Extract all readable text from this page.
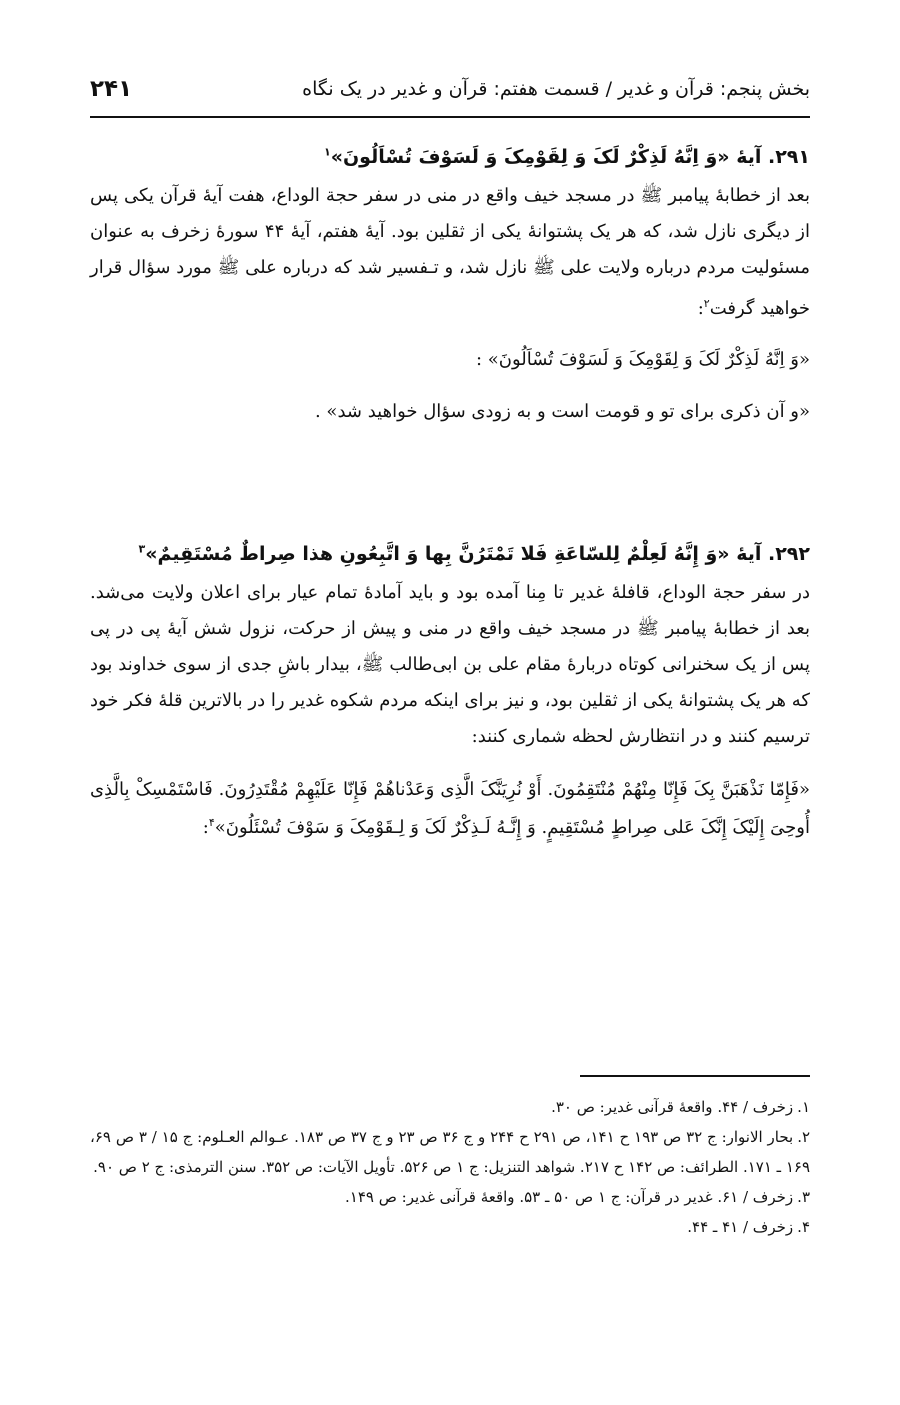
بخش پنجم: قرآن و غدیر / قسمت هفتم: قرآن و غدیر در یک نگاه
۲۴۱
۲۹۱. آیهٔ «وَ اِنَّهُ لَذِکْرٌ لَکَ وَ لِقَوْمِکَ وَ لَسَوْفَ تُسْاَلُونَ»$^۱$

بعد از خطابهٔ پیامبر ﷺ در مسجد خیف واقع در منی در سفر حجة الوداع، هفت آیهٔ قرآن یکی پس از دیگری نازل شد، که هر یک پشتوانهٔ یکی از ثقلین بود. آیهٔ هفتم، آیهٔ ۴۴ سورهٔ زخرف به عنوان مسئولیت مردم درباره ولایت علی ﷺ نازل شد، و تـفسیر شد که درباره علی ﷺ مورد سؤال قرار خواهید گرفت$^۲$:

«وَ اِنَّهُ لَذِکْرٌ لَکَ وَ لِقَوْمِکَ وَ لَسَوْفَ تُسْاَلُونَ» :

«و آن ذکری برای تو و قومت است و به زودی سؤال خواهید شد» .

۲۹۲. آیهٔ «وَ إِنَّهُ لَعِلْمٌ لِلسّاعَةِ فَلا تَمْتَرُنَّ بِها وَ اتَّبِعُونِ هذا صِراطٌ مُسْتَقِیمٌ»$^۳$

در سفر حجة الوداع، قافلهٔ غدیر تا مِنا آمده بود و باید آمادهٔ تمام عیار برای اعلان ولایت می‌شد. بعد از خطابهٔ پیامبر ﷺ در مسجد خیف واقع در منی و پیش از حرکت، نزول شش آیهٔ پی در پی پس از یک سخنرانی کوتاه دربارهٔ مقام علی بن ابی‌طالب ﷺ، بیدار باشِ جدی از سوی خداوند بود که هر یک پشتوانهٔ یکی از ثقلین بود، و نیز برای اینکه مردم شکوه غدیر را در بالاترین قلهٔ فکر خود ترسیم کنند و در انتظارش لحظه شماری کنند:

«فَإِمّا نَذْهَبَنَّ بِکَ فَإِنّا مِنْهُمْ مُنْتَقِمُونَ. أَوْ نُرِیَنَّکَ الَّذِی وَعَدْناهُمْ فَإِنّا عَلَیْهِمْ مُقْتَدِرُونَ. فَاسْتَمْسِکْ بِالَّذِی أُوحِیَ إِلَیْکَ إِنَّکَ عَلی صِراطٍ مُسْتَقِیمٍ. وَ إِنَّـهُ لَـذِکْرٌ لَکَ وَ لِـقَوْمِکَ وَ سَوْفَ تُسْئَلُونَ»$^۴$:

۱.زخرف / ۴۴. واقعهٔ قرآنی غدیر: ص ۳۰.
۲.بحار الانوار: ج ۳۲ ص ۱۹۳ ح ۱۴۱، ص ۲۹۱ ح ۲۴۴ و ج ۳۶ ص ۲۳ و ج ۳۷ ص ۱۸۳. عـوالم العـلوم: ج ۱۵ / ۳ ص ۶۹، ۱۶۹ ـ ۱۷۱. الطرائف: ص ۱۴۲ ح ۲۱۷. شواهد التنزیل: ج ۱ ص ۵۲۶. تأویل الآیات: ص ۳۵۲. سنن الترمذی: ج ۲ ص ۹۰.
۳.زخرف / ۶۱. غدیر در قرآن: ج ۱ ص ۵۰ ـ ۵۳. واقعهٔ قرآنی غدیر: ص ۱۴۹.
۴.زخرف / ۴۱ ـ ۴۴.
